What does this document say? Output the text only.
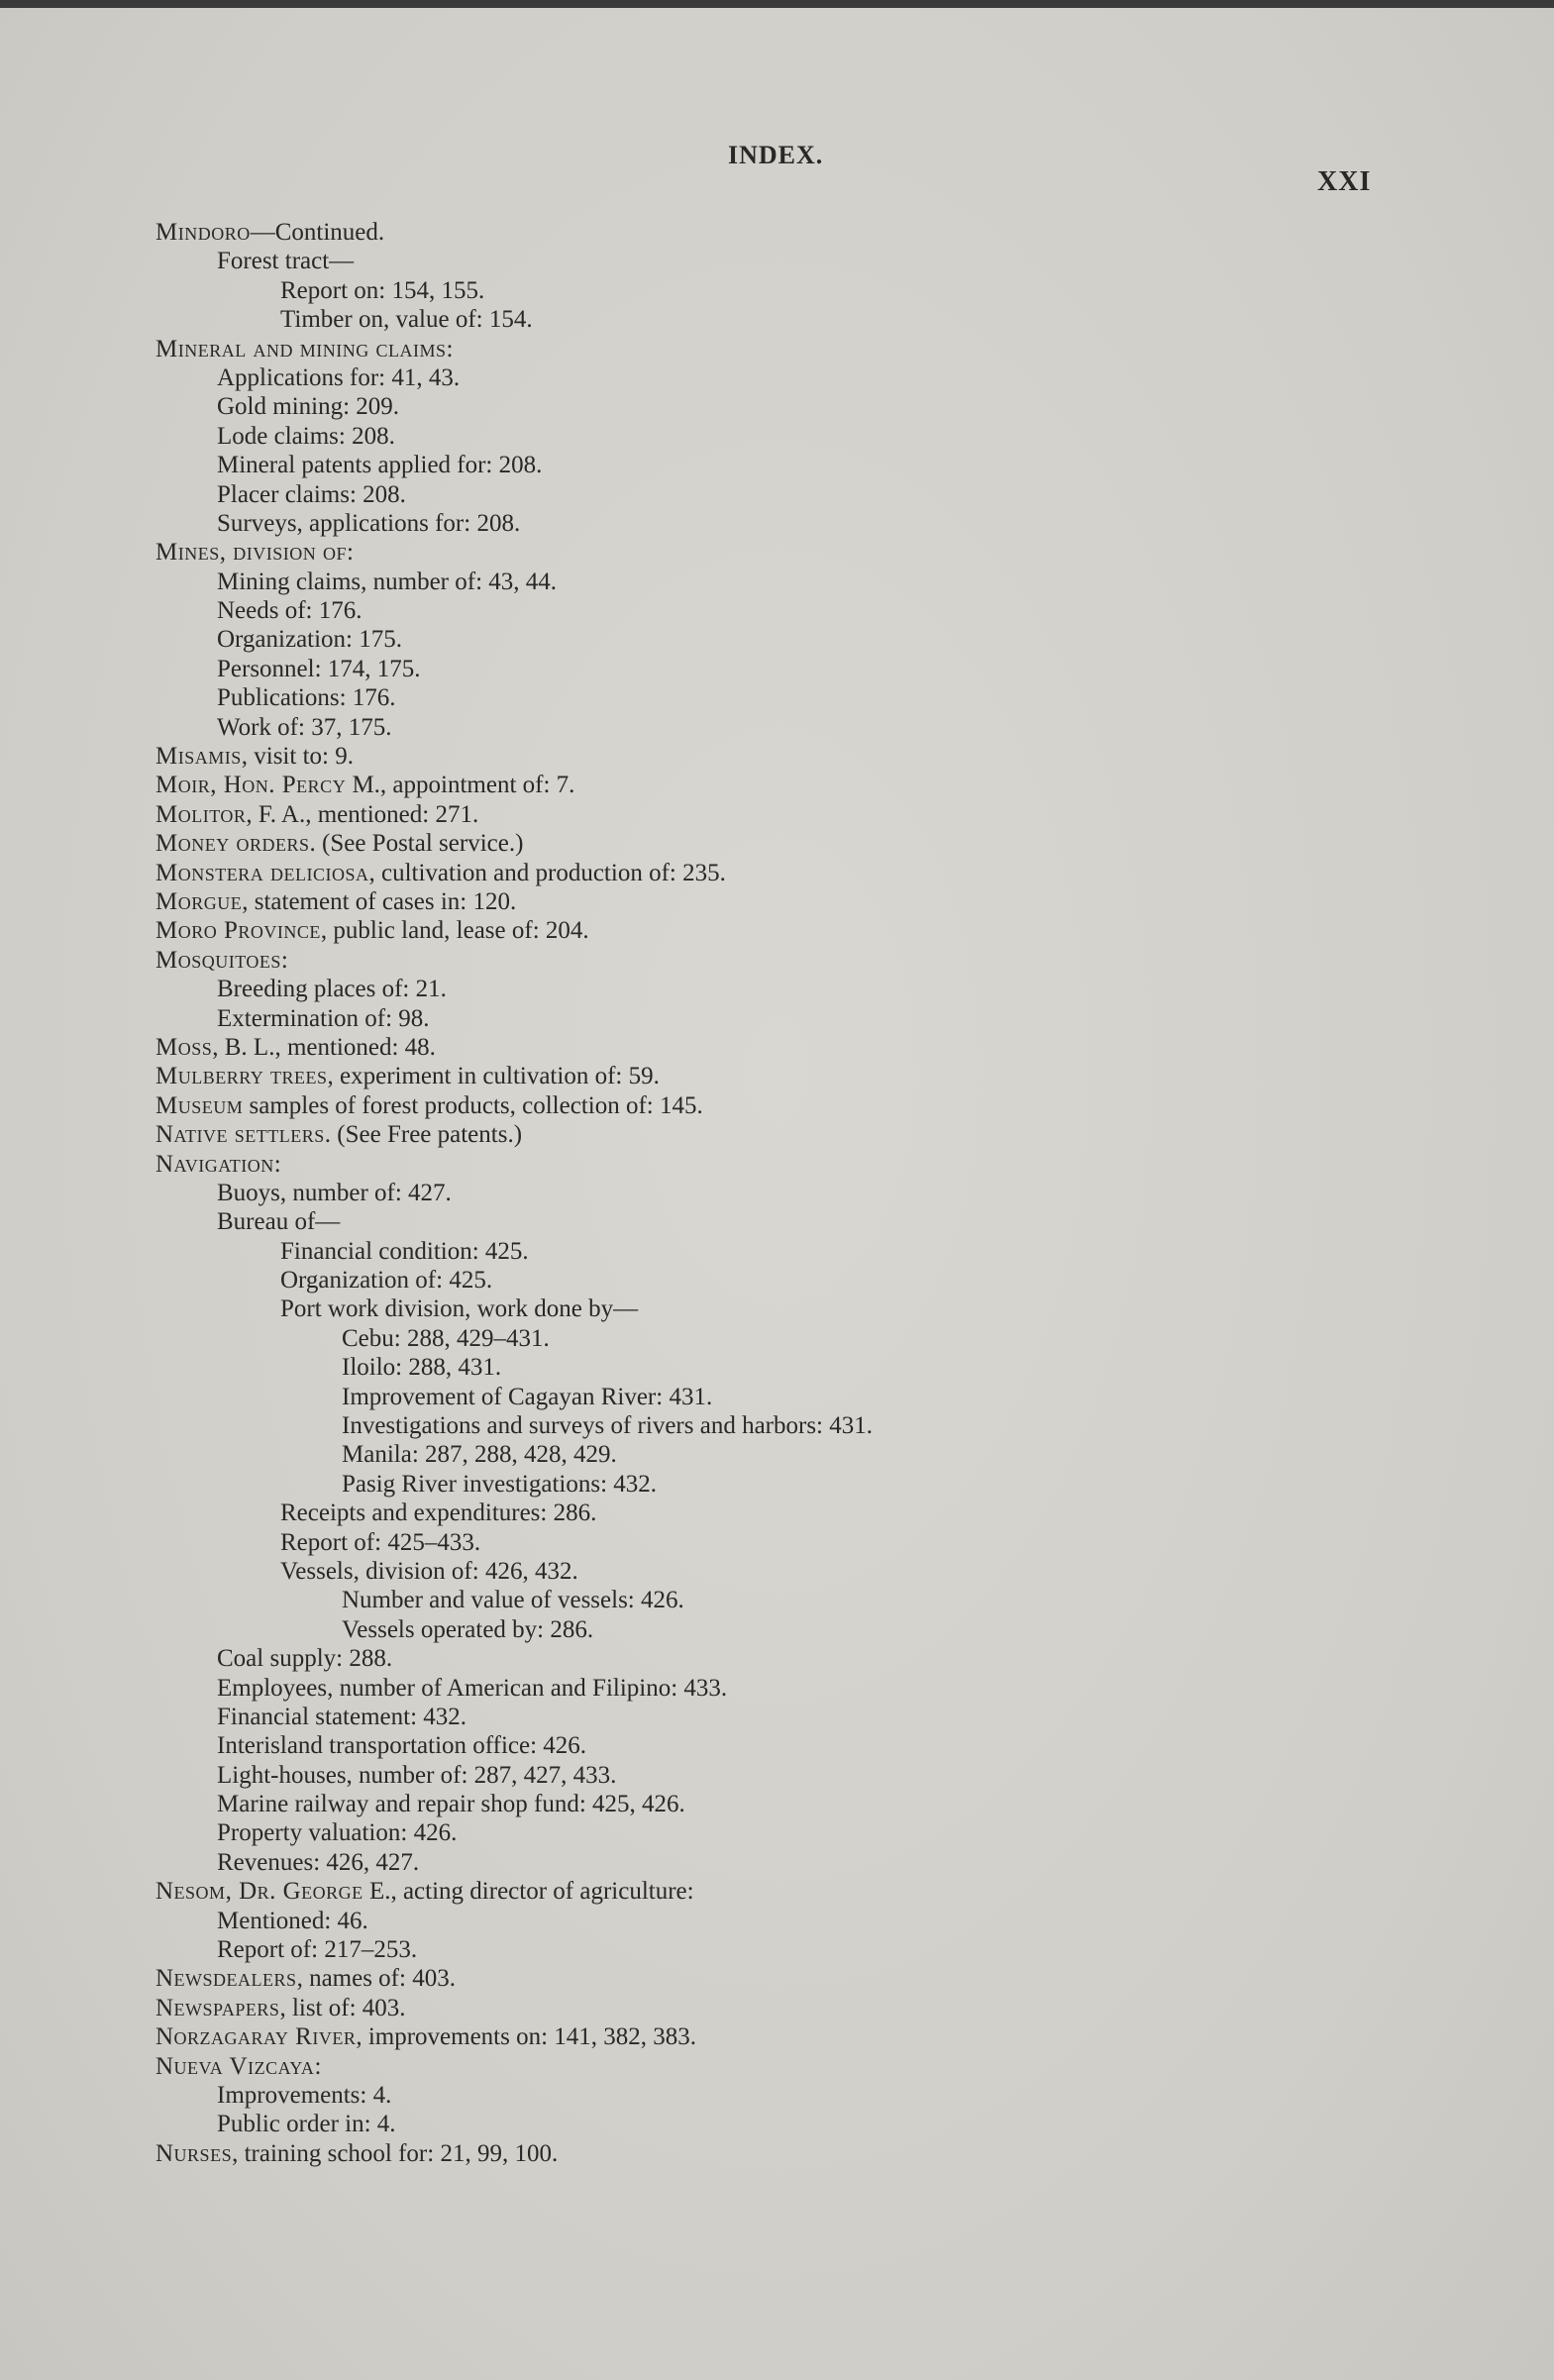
INDEX.
XXI
Mindoro—Continued.
Forest tract—
Report on: 154, 155.
Timber on, value of: 154.
Mineral and mining claims:
Applications for: 41, 43.
Gold mining: 209.
Lode claims: 208.
Mineral patents applied for: 208.
Placer claims: 208.
Surveys, applications for: 208.
Mines, division of:
Mining claims, number of: 43, 44.
Needs of: 176.
Organization: 175.
Personnel: 174, 175.
Publications: 176.
Work of: 37, 175.
Misamis, visit to: 9.
Moir, Hon. Percy M., appointment of: 7.
Molitor, F. A., mentioned: 271.
Money orders. (See Postal service.)
Monstera deliciosa, cultivation and production of: 235.
Morgue, statement of cases in: 120.
Moro Province, public land, lease of: 204.
Mosquitoes:
Breeding places of: 21.
Extermination of: 98.
Moss, B. L., mentioned: 48.
Mulberry trees, experiment in cultivation of: 59.
Museum samples of forest products, collection of: 145.
Native settlers. (See Free patents.)
Navigation:
Buoys, number of: 427.
Bureau of—
Financial condition: 425.
Organization of: 425.
Port work division, work done by—
Cebu: 288, 429–431.
Iloilo: 288, 431.
Improvement of Cagayan River: 431.
Investigations and surveys of rivers and harbors: 431.
Manila: 287, 288, 428, 429.
Pasig River investigations: 432.
Receipts and expenditures: 286.
Report of: 425–433.
Vessels, division of: 426, 432.
Number and value of vessels: 426.
Vessels operated by: 286.
Coal supply: 288.
Employees, number of American and Filipino: 433.
Financial statement: 432.
Interisland transportation office: 426.
Light-houses, number of: 287, 427, 433.
Marine railway and repair shop fund: 425, 426.
Property valuation: 426.
Revenues: 426, 427.
Nesom, Dr. George E., acting director of agriculture:
Mentioned: 46.
Report of: 217–253.
Newsdealers, names of: 403.
Newspapers, list of: 403.
Norzagaray River, improvements on: 141, 382, 383.
Nueva Vizcaya:
Improvements: 4.
Public order in: 4.
Nurses, training school for: 21, 99, 100.
